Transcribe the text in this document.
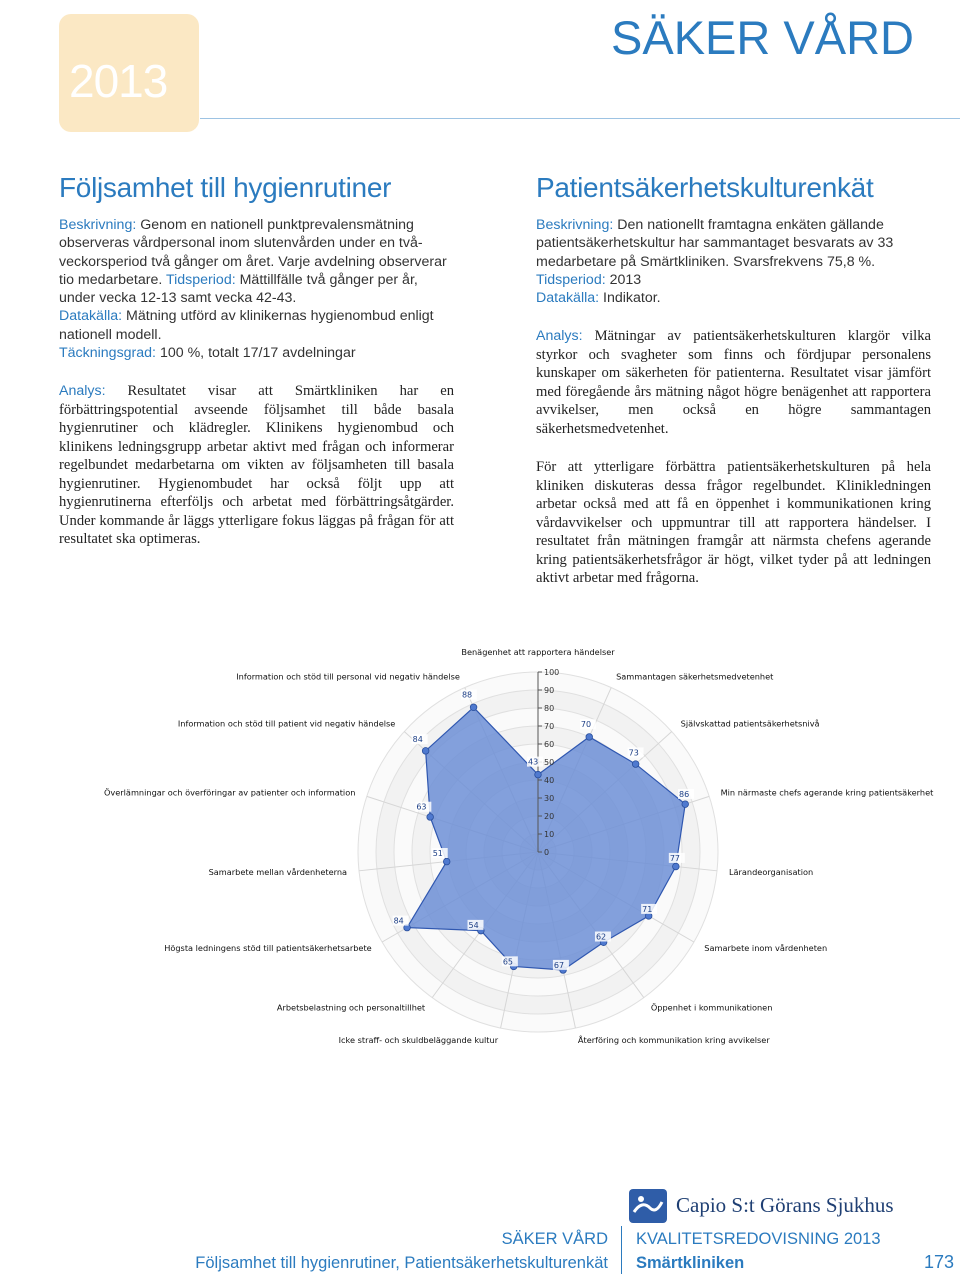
2013
SÄKER VÅRD
Följsamhet till hygienrutiner

Beskrivning: Genom en nationell punktprevalensmätning observeras vårdpersonal inom slutenvården under en två-veckorsperiod två gånger om året. Varje avdelning observerar tio medarbetare. Tidsperiod: Mättillfälle två gånger per år, under vecka 12-13 samt vecka 42-43.

Datakälla: Mätning utförd av klinikernas hygienombud enligt nationell modell.

Täckningsgrad: 100 %, totalt 17/17 avdelningar

Analys: Resultatet visar att Smärtkliniken har en förbättringspotential avseende följsamhet till både basala hygienrutiner och klädregler. Klinikens hygienombud och klinikens ledningsgrupp arbetar aktivt med frågan och informerar regelbundet medarbetarna om vikten av följsamheten till basala hygienrutiner. Hygienombudet har också följt upp att hygienrutinerna efterföljs och arbetat med förbättringsåtgärder. Under kommande år läggs ytterligare fokus läggas på frågan för att resultatet ska optimeras.

Patientsäkerhetskulturenkät

Beskrivning: Den nationellt framtagna enkäten gällande patientsäkerhetskultur har sammantaget besvarats av 33 medarbetare på Smärtkliniken. Svarsfrekvens 75,8 %.

Tidsperiod: 2013

Datakälla: Indikator.

Analys: Mätningar av patientsäkerhetskulturen klargör vilka styrkor och svagheter som finns och fördjupar personalens kunskaper om säkerheten för patienterna. Resultatet visar jämfört med föregående års mätning något högre benägenhet att rapportera avvikelser, men också en högre sammantagen säkerhetsmedvetenhet.

För att ytterligare förbättra patientsäkerhetskulturen på hela kliniken diskuteras dessa frågor regelbundet. Klinikledningen arbetar också med att få en öppenhet i kommunikationen kring vårdavvikelser och uppmuntrar till att rapportera händelser. I resultatet från mätningen framgår att närmsta chefens agerande kring patientsäkerhetsfrågor är högt, vilket tyder på att ledningen aktivt arbetar med frågorna.

0
10
20
30
40
50
60
70
80
90
100
43
70
73
86
77
71
62
67
65
54
84
51
63
84
88
Benägenhet att rapportera händelser
Sammantagen säkerhetsmedvetenhet
Självskattad patientsäkerhetsnivå
Min närmaste chefs agerande kring patientsäkerhet
Lärandeorganisation
Samarbete inom vårdenheten
Öppenhet i kommunikationen
Återföring och kommunikation kring avvikelser
Icke straff- och skuldbeläggande kultur
Arbetsbelastning och personaltillhet
Högsta ledningens stöd till patientsäkerhetsarbete
Samarbete mellan vårdenheterna
Överlämningar och överföringar av patienter och information
Information och stöd till patient vid negativ händelse
Information och stöd till personal vid negativ händelse
Capio S:t Görans Sjukhus
SÄKER VÅRD
Följsamhet till hygienrutiner, Patientsäkerhetskulturenkät
KVALITETSREDOVISNING 2013
Smärtkliniken	173
